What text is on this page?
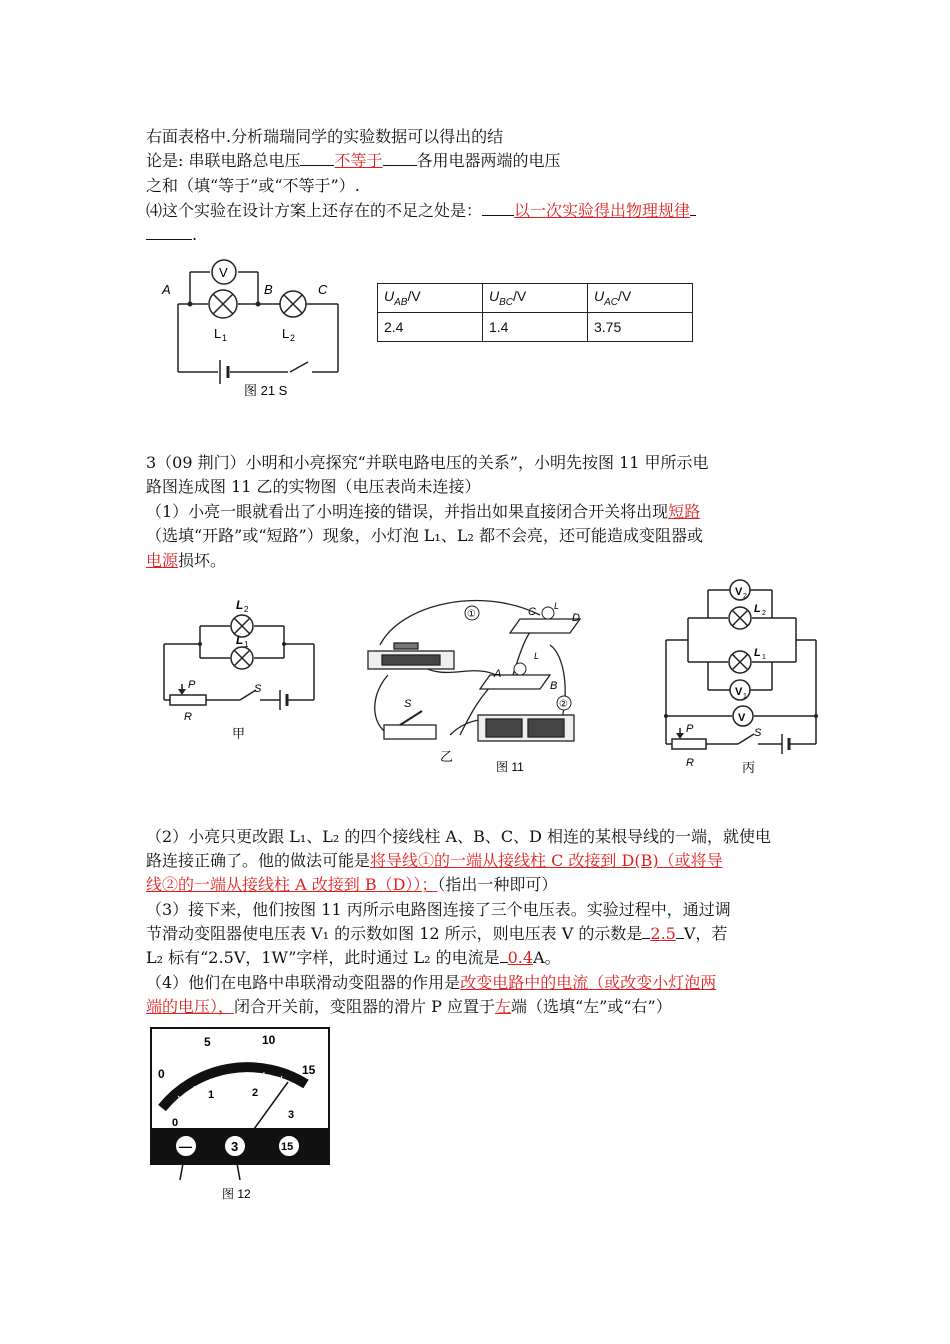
右面表格中.分析瑞瑞同学的实验数据可以得出的结
论是: 串联电路总电压 不等于 各用电器两端的电压
之和（填“等于”或“不等于”）.
⑷这个实验在设计方案上还存在的不足之处是： 以一次实验得出物理规律
.
V
A	B	C
L 1	L 2
图 21 S
$U_{AB}/V$	$U_{BC}/V$	$U_{AC}/V$
2.4	1.4	3.75
3（09 荆门）小明和小亮探究“并联电路电压的关系”，小明先按图 11 甲所示电
路图连成图 11 乙的实物图（电压表尚未连接）
（1）小亮一眼就看出了小明连接的错误，并指出如果直接闭合开关将出现短路
（选填“开路”或“短路”）现象，小灯泡 L₁、L₂ 都不会亮，还可能造成变阻器或
电源损坏。
L 2
L 1
P
R
S
甲
①
②
C	D
L
L
A
B
S
乙
图 11
V 2
L 2
L 1
V 1
V
P
R
S
丙
（2）小亮只更改跟 L₁、L₂ 的四个接线柱 A、B、C、D 相连的某根导线的一端，就使电
路连接正确了。他的做法可能是将导线①的一端从接线柱 C 改接到 D(B)（或将导
线②的一端从接线柱 A 改接到 B（D））；（指出一种即可）
（3）接下来，他们按图 11 丙所示电路图连接了三个电压表。实验过程中，通过调
节滑动变阻器使电压表 V₁ 的示数如图 12 所示，则电压表 V 的示数是 2.5 V，若
L₂ 标有“2.5V，1W”字样，此时通过 L₂ 的电流是 0.4A。
（4）他们在电路中串联滑动变阻器的作用是改变电路中的电流（或改变小灯泡两
端的电压），闭合开关前，变阻器的滑片 P 应置于左端（选填“左”或“右”）
0
5	10
15
0
1	2
3
—	3	15
图 12
